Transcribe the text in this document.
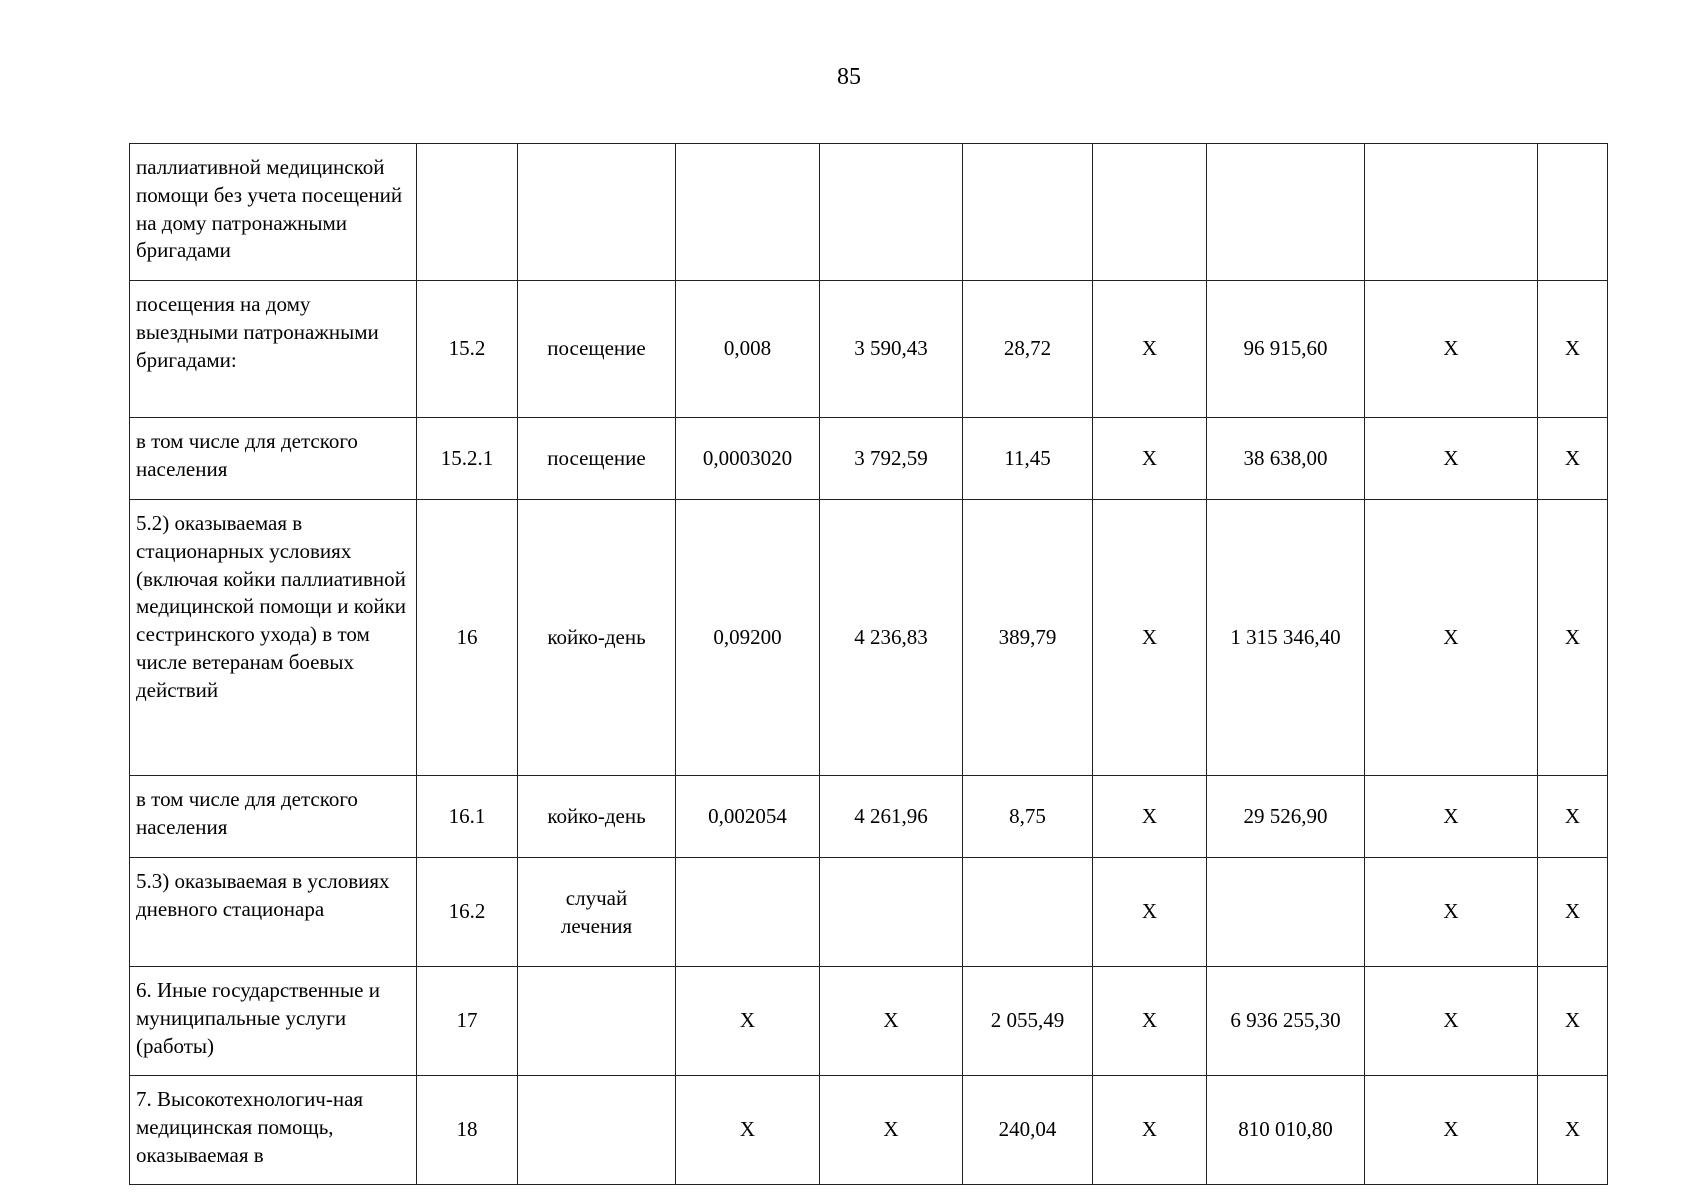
85
паллиативной медицинской помощи без учета посещений на дому патронажными бригадами									
посещения на дому выездными патронажными бригадами:	15.2	посещение	0,008	3 590,43	28,72	X	96 915,60	X	X
в том числе для детского населения	15.2.1	посещение	0,0003020	3 792,59	11,45	X	38 638,00	X	X
5.2) оказываемая в стационарных условиях (включая койки паллиативной медицинской помощи и койки сестринского ухода) в том числе ветеранам боевых действий	16	койко-день	0,09200	4 236,83	389,79	X	1 315 346,40	X	X
в том числе для детского населения	16.1	койко-день	0,002054	4 261,96	8,75	X	29 526,90	X	X
5.3) оказываемая в условиях дневного стационара	16.2	случай лечения				X		X	X
6. Иные государственные и муниципальные услуги (работы)	17		X	X	2 055,49	X	6 936 255,30	X	X
7. Высокотехнологич-ная медицинская помощь, оказываемая в	18		X	X	240,04	X	810 010,80	X	X
